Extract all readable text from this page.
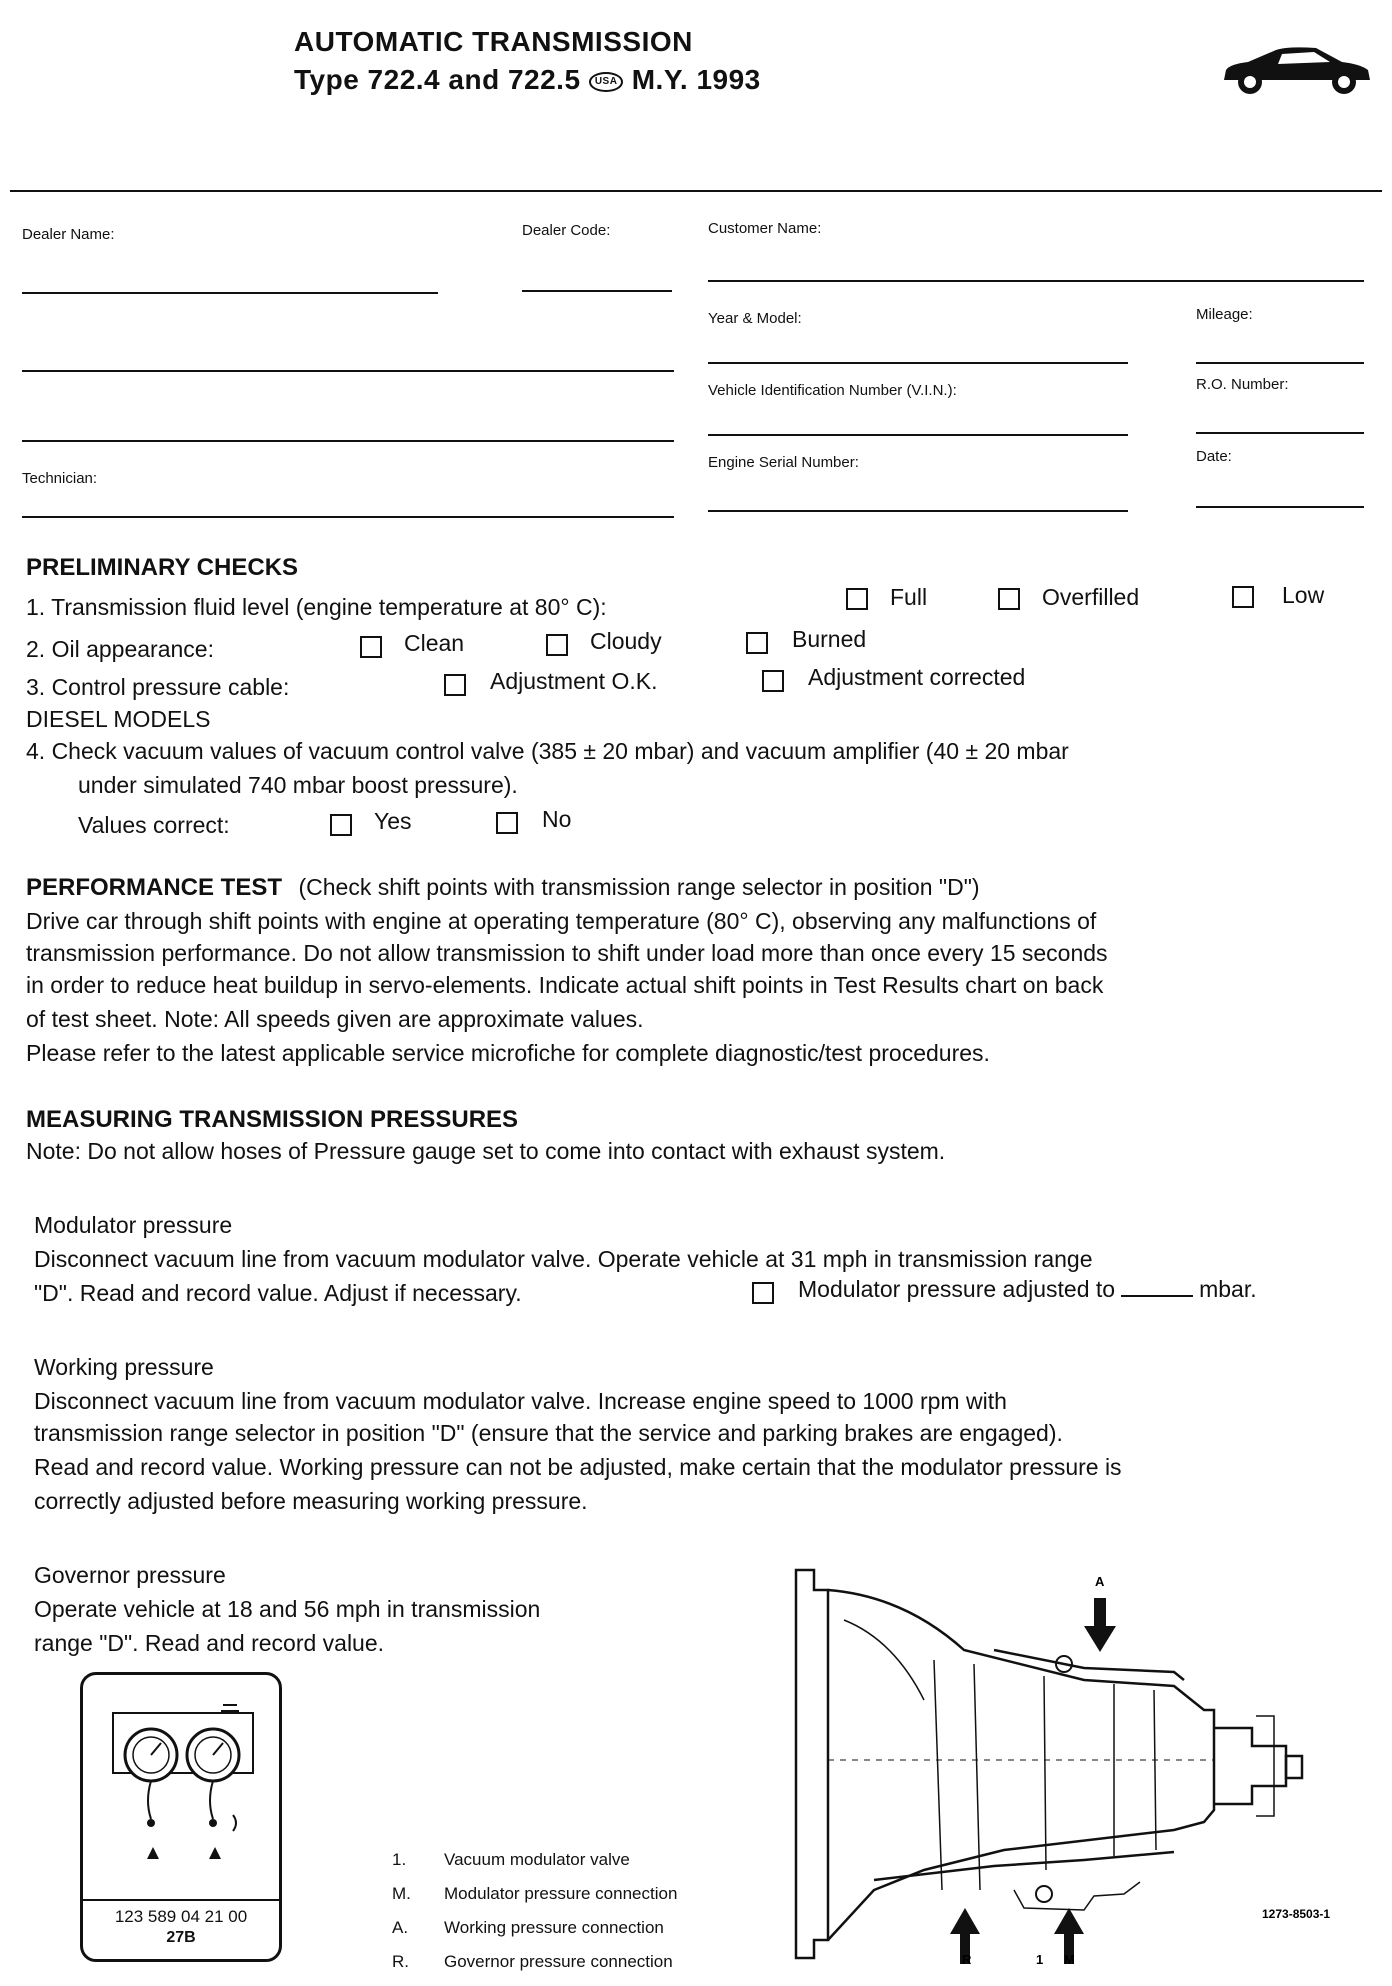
AUTOMATIC TRANSMISSION
Type 722.4 and 722.5 USA M.Y. 1993
Dealer Name:	Dealer Code:	Customer Name:
Year & Model:	Mileage:
Vehicle Identification Number (V.I.N.):	R.O. Number:
Technician:
Engine Serial Number:	Date:
PRELIMINARY CHECKS
1. Transmission fluid level (engine temperature at 80° C):	Full	Overfilled	Low
2. Oil appearance:	Clean	Cloudy	Burned
3. Control pressure cable:	Adjustment O.K.	Adjustment corrected
DIESEL MODELS
4. Check vacuum values of vacuum control valve (385 ± 20 mbar) and vacuum amplifier (40 ± 20 mbar
under simulated 740 mbar boost pressure).
Values correct:	Yes	No
PERFORMANCE TEST (Check shift points with transmission range selector in position "D")
Drive car through shift points with engine at operating temperature (80° C), observing any malfunctions of
transmission performance. Do not allow transmission to shift under load more than once every 15 seconds
in order to reduce heat buildup in servo-elements. Indicate actual shift points in Test Results chart on back
of test sheet. Note: All speeds given are approximate values.
Please refer to the latest applicable service microfiche for complete diagnostic/test procedures.
MEASURING TRANSMISSION PRESSURES
Note: Do not allow hoses of Pressure gauge set to come into contact with exhaust system.
Modulator pressure
Disconnect vacuum line from vacuum modulator valve. Operate vehicle at 31 mph in transmission range
"D". Read and record value. Adjust if necessary.	Modulator pressure adjusted to	mbar.
Working pressure
Disconnect vacuum line from vacuum modulator valve. Increase engine speed to 1000 rpm with
transmission range selector in position "D" (ensure that the service and parking brakes are engaged).
Read and record value. Working pressure can not be adjusted, make certain that the modulator pressure is
correctly adjusted before measuring working pressure.
Governor pressure
Operate vehicle at 18 and 56 mph in transmission
range "D". Read and record value.
123 589 04 21 00
27B
1. Vacuum modulator valve
M. Modulator pressure connection
A. Working pressure connection
R. Governor pressure connection
A
R	1 M
1273-8503-1
